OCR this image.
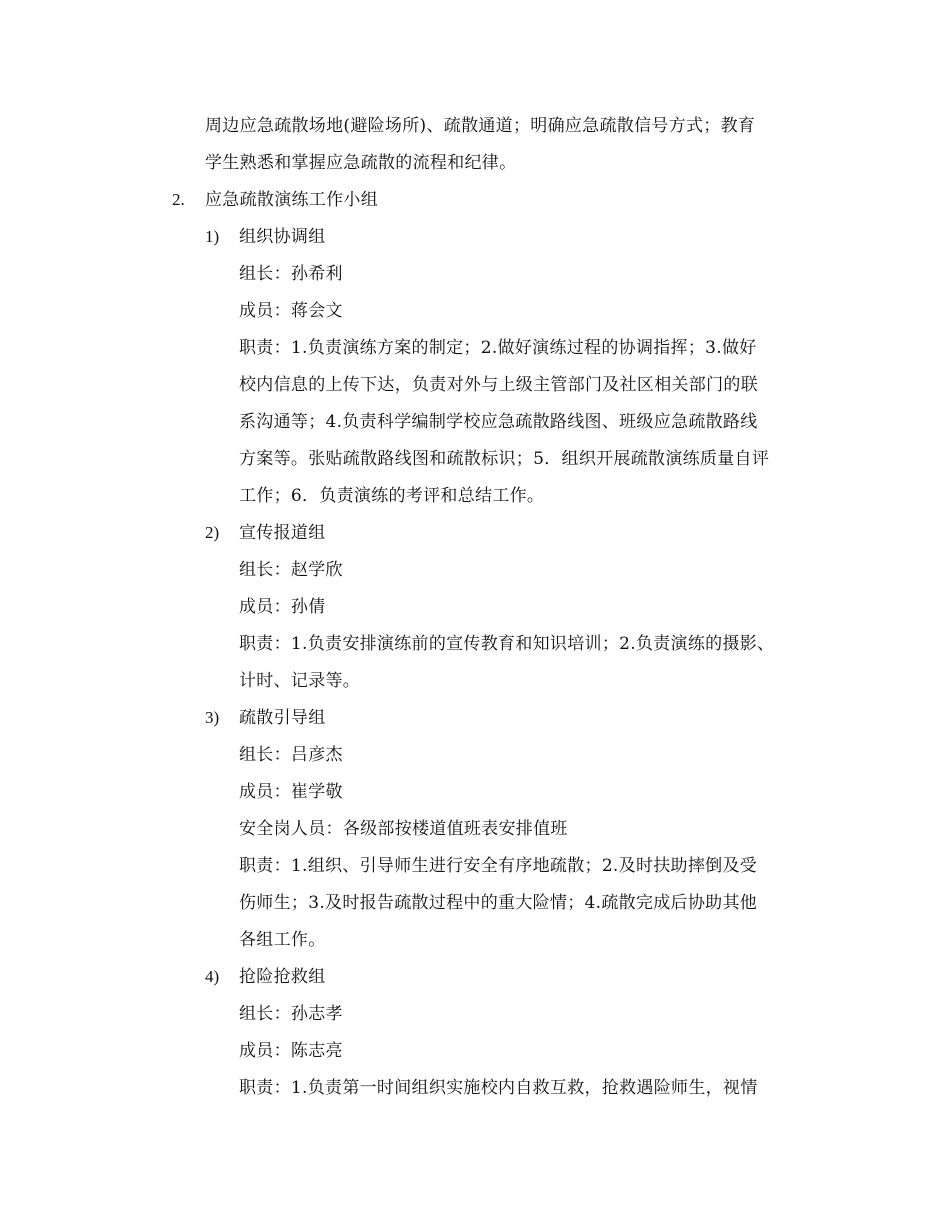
周边应急疏散场地(避险场所)、疏散通道；明确应急疏散信号方式；教育
学生熟悉和掌握应急疏散的流程和纪律。
2. 应急疏散演练工作小组
1) 组织协调组
组长：孙希利
成员：蒋会文
职责：1.负责演练方案的制定；2.做好演练过程的协调指挥；3.做好
校内信息的上传下达，负责对外与上级主管部门及社区相关部门的联
系沟通等；4.负责科学编制学校应急疏散路线图、班级应急疏散路线
方案等。张贴疏散路线图和疏散标识；5．组织开展疏散演练质量自评
工作；6．负责演练的考评和总结工作。
2) 宣传报道组
组长：赵学欣
成员：孙倩
职责：1.负责安排演练前的宣传教育和知识培训；2.负责演练的摄影、
计时、记录等。
3) 疏散引导组
组长：吕彦杰
成员：崔学敬
安全岗人员：各级部按楼道值班表安排值班
职责：1.组织、引导师生进行安全有序地疏散；2.及时扶助摔倒及受
伤师生；3.及时报告疏散过程中的重大险情；4.疏散完成后协助其他
各组工作。
4) 抢险抢救组
组长：孙志孝
成员：陈志亮
职责：1.负责第一时间组织实施校内自救互救，抢救遇险师生，视情
